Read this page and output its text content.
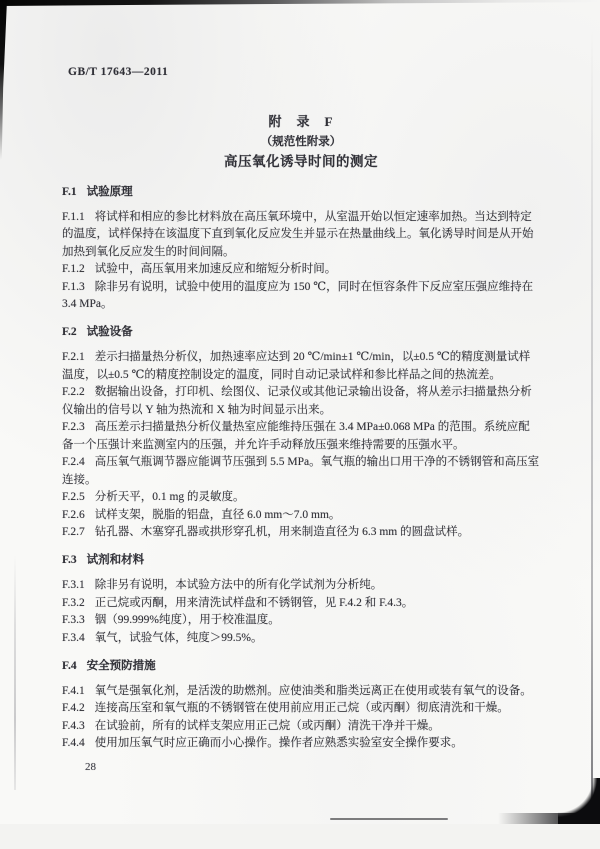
GB/T 17643—2011
附　录　F
（规范性附录）
高压氧化诱导时间的测定
F.1 试验原理

F.1.1 将试样和相应的参比材料放在高压氧环境中，从室温开始以恒定速率加热。当达到特定的温度，试样保持在该温度下直到氧化反应发生并显示在热量曲线上。氧化诱导时间是从开始加热到氧化反应发生的时间间隔。

F.1.2 试验中，高压氧用来加速反应和缩短分析时间。

F.1.3 除非另有说明，试验中使用的温度应为 150 ℃，同时在恒容条件下反应室压强应维持在 3.4 MPa。

F.2 试验设备

F.2.1 差示扫描量热分析仪，加热速率应达到 20 ℃/min±1 ℃/min，以±0.5 ℃的精度测量试样温度，以±0.5 ℃的精度控制设定的温度，同时自动记录试样和参比样品之间的热流差。

F.2.2 数据输出设备，打印机、绘图仪、记录仪或其他记录输出设备，将从差示扫描量热分析仪输出的信号以 Y 轴为热流和 X 轴为时间显示出来。

F.2.3 高压差示扫描量热分析仪量热室应能维持压强在 3.4 MPa±0.068 MPa 的范围。系统应配备一个压强计来监测室内的压强，并允许手动释放压强来维持需要的压强水平。

F.2.4 高压氧气瓶调节器应能调节压强到 5.5 MPa。氧气瓶的输出口用干净的不锈钢管和高压室连接。

F.2.5 分析天平，0.1 mg 的灵敏度。

F.2.6 试样支架，脱脂的铝盘，直径 6.0 mm～7.0 mm。

F.2.7 钻孔器、木塞穿孔器或拱形穿孔机，用来制造直径为 6.3 mm 的圆盘试样。

F.3 试剂和材料

F.3.1 除非另有说明，本试验方法中的所有化学试剂为分析纯。

F.3.2 正己烷或丙酮，用来清洗试样盘和不锈钢管，见 F.4.2 和 F.4.3。

F.3.3 铟（99.999%纯度），用于校准温度。

F.3.4 氧气，试验气体，纯度＞99.5%。

F.4 安全预防措施

F.4.1 氧气是强氧化剂，是活泼的助燃剂。应使油类和脂类远离正在使用或装有氧气的设备。

F.4.2 连接高压室和氧气瓶的不锈钢管在使用前应用正己烷（或丙酮）彻底清洗和干燥。

F.4.3 在试验前，所有的试样支架应用正己烷（或丙酮）清洗干净并干燥。

F.4.4 使用加压氧气时应正确而小心操作。操作者应熟悉实验室安全操作要求。

28
